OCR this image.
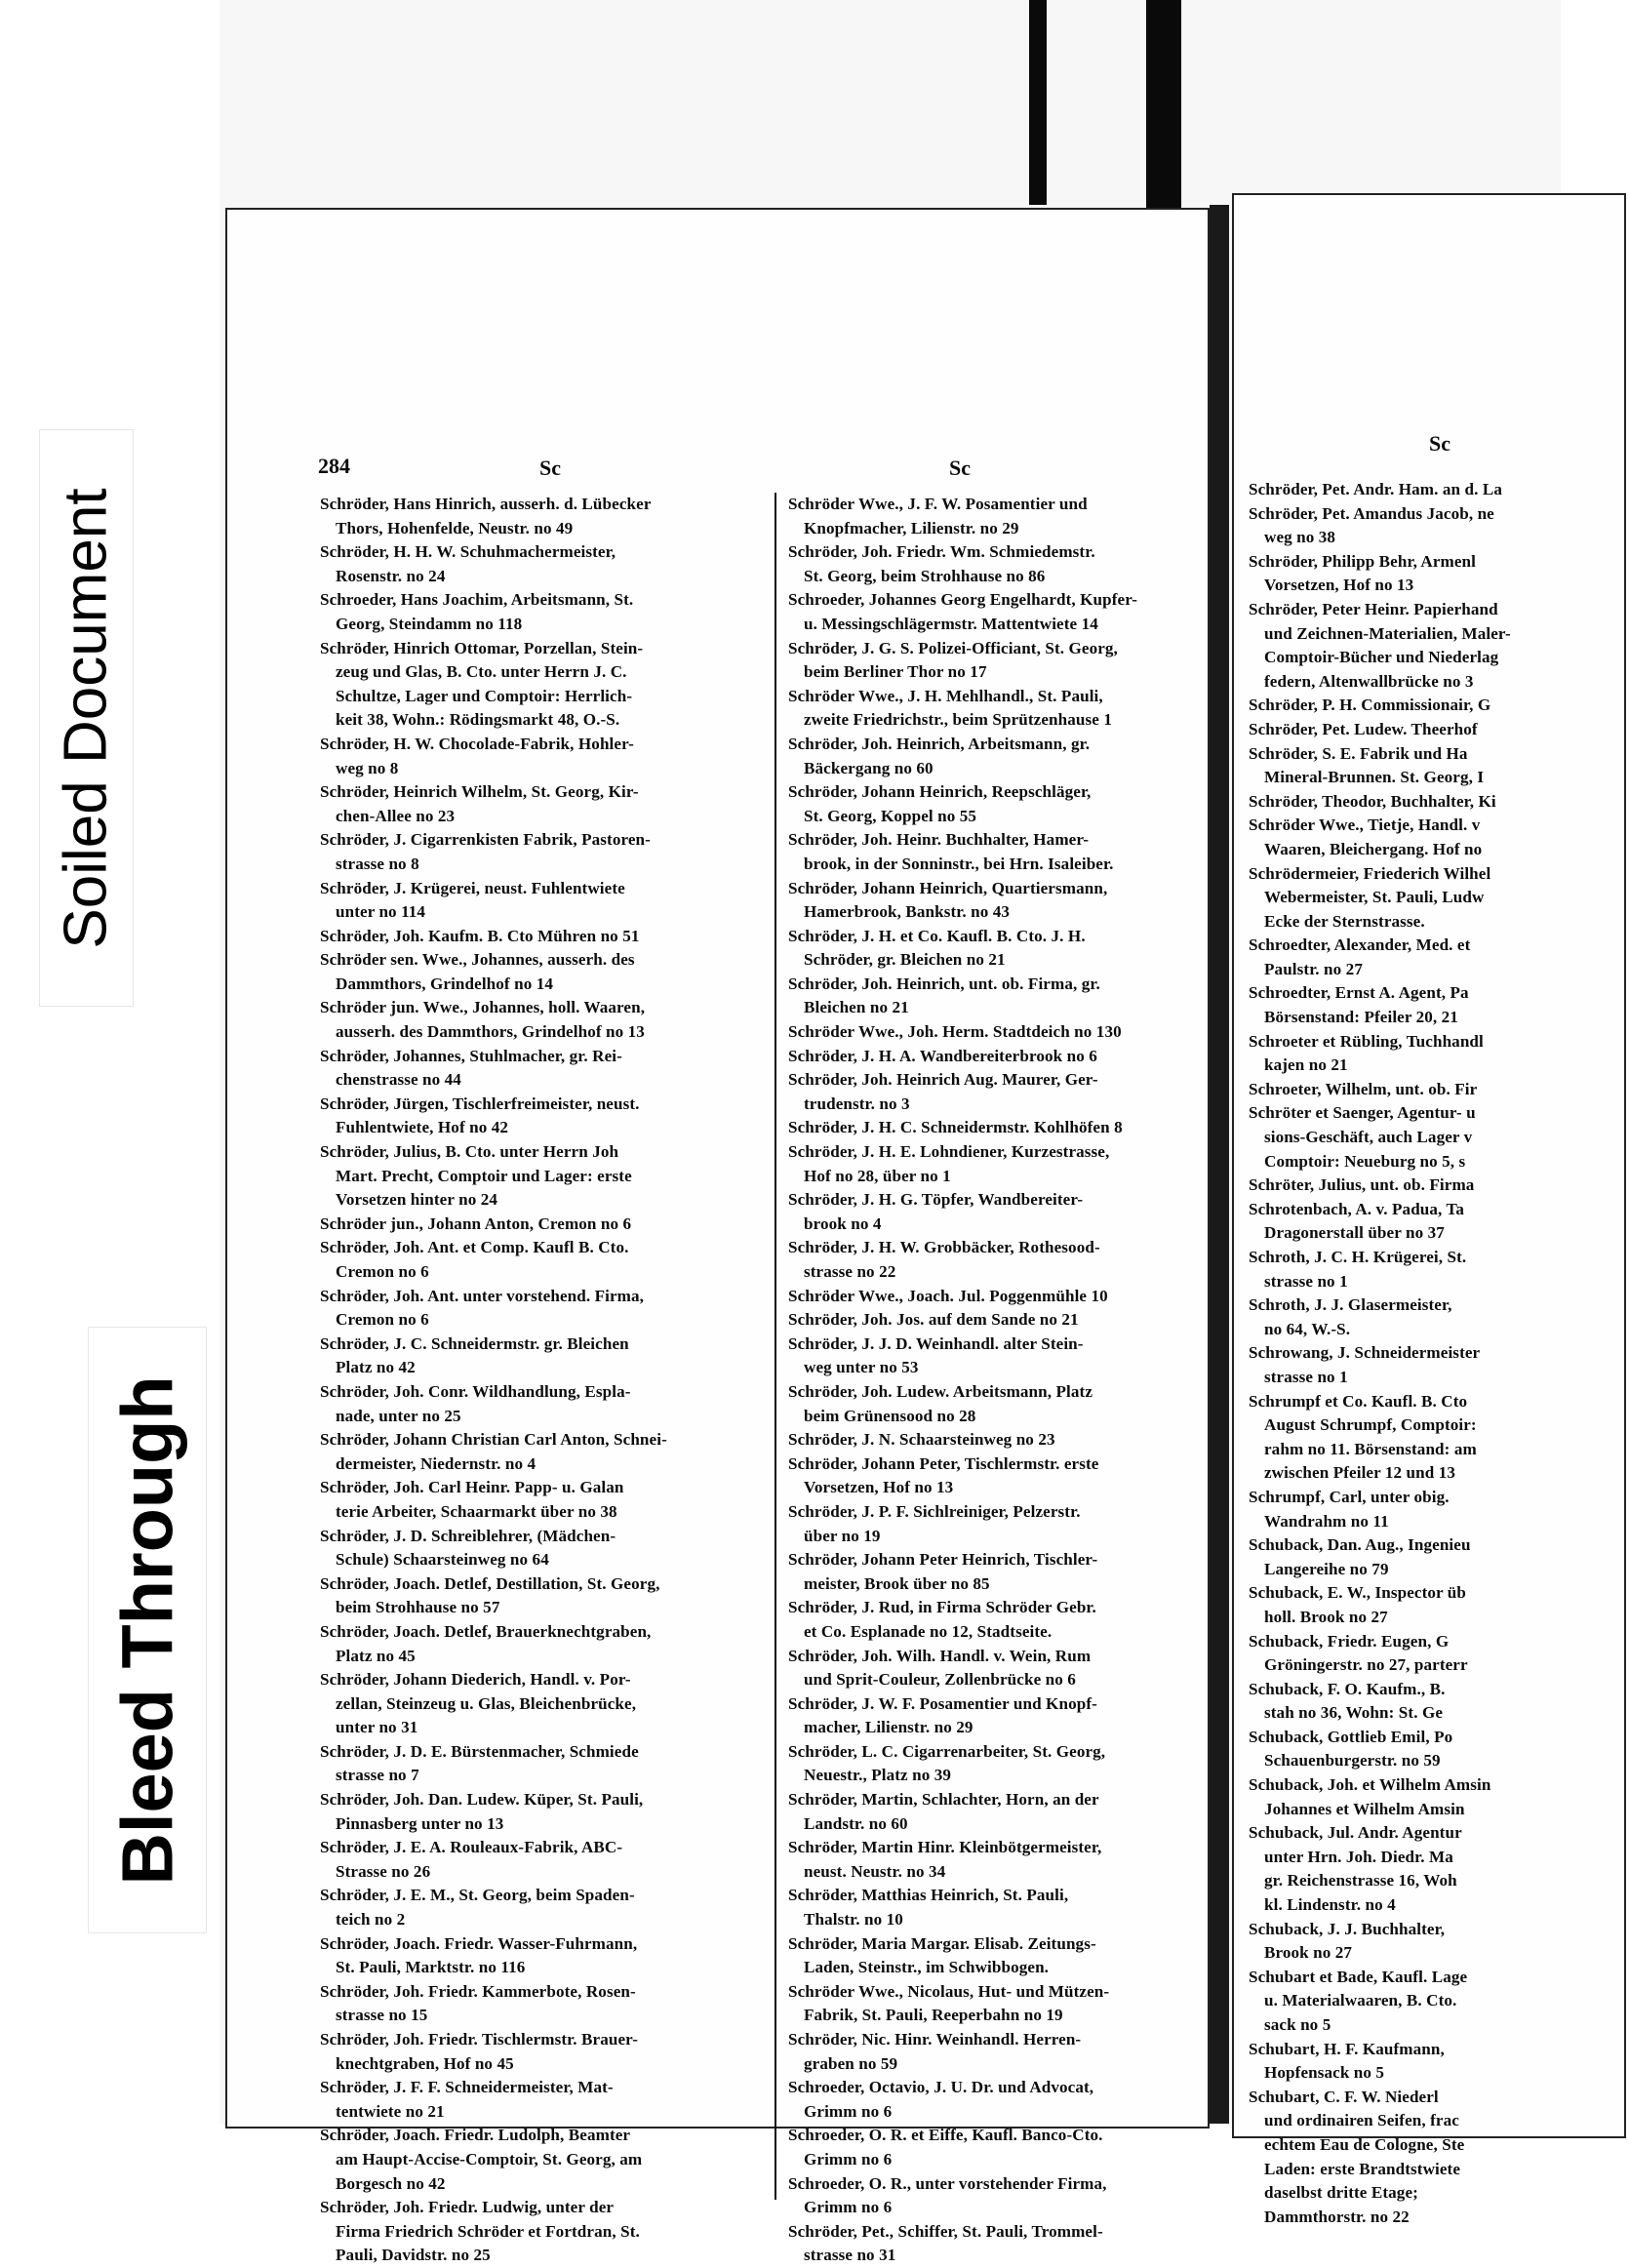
Soiled Document
Bleed Through
284	Sc	Sc
Schröder, Hans Hinrich, ausserh. d. Lübecker
Thors, Hohenfelde, Neustr. no 49
Schröder, H. H. W. Schuhmachermeister,
Rosenstr. no 24
Schroeder, Hans Joachim, Arbeitsmann, St.
Georg, Steindamm no 118
Schröder, Hinrich Ottomar, Porzellan, Stein-
zeug und Glas, B. Cto. unter Herrn J. C.
Schultze, Lager und Comptoir: Herrlich-
keit 38, Wohn.: Rödingsmarkt 48, O.-S.
Schröder, H. W. Chocolade-Fabrik, Hohler-
weg no 8
Schröder, Heinrich Wilhelm, St. Georg, Kir-
chen-Allee no 23
Schröder, J. Cigarrenkisten Fabrik, Pastoren-
strasse no 8
Schröder, J. Krügerei, neust. Fuhlentwiete
unter no 114
Schröder, Joh. Kaufm. B. Cto Mühren no 51
Schröder sen. Wwe., Johannes, ausserh. des
Dammthors, Grindelhof no 14
Schröder jun. Wwe., Johannes, holl. Waaren,
ausserh. des Dammthors, Grindelhof no 13
Schröder, Johannes, Stuhlmacher, gr. Rei-
chenstrasse no 44
Schröder, Jürgen, Tischlerfreimeister, neust.
Fuhlentwiete, Hof no 42
Schröder, Julius, B. Cto. unter Herrn Joh
Mart. Precht, Comptoir und Lager: erste
Vorsetzen hinter no 24
Schröder jun., Johann Anton, Cremon no 6
Schröder, Joh. Ant. et Comp. Kaufl B. Cto.
Cremon no 6
Schröder, Joh. Ant. unter vorstehend. Firma,
Cremon no 6
Schröder, J. C. Schneidermstr. gr. Bleichen
Platz no 42
Schröder, Joh. Conr. Wildhandlung, Espla-
nade, unter no 25
Schröder, Johann Christian Carl Anton, Schnei-
dermeister, Niedernstr. no 4
Schröder, Joh. Carl Heinr. Papp- u. Galan
terie Arbeiter, Schaarmarkt über no 38
Schröder, J. D. Schreiblehrer, (Mädchen-
Schule) Schaarsteinweg no 64
Schröder, Joach. Detlef, Destillation, St. Georg,
beim Strohhause no 57
Schröder, Joach. Detlef, Brauerknechtgraben,
Platz no 45
Schröder, Johann Diederich, Handl. v. Por-
zellan, Steinzeug u. Glas, Bleichenbrücke,
unter no 31
Schröder, J. D. E. Bürstenmacher, Schmiede
strasse no 7
Schröder, Joh. Dan. Ludew. Küper, St. Pauli,
Pinnasberg unter no 13
Schröder, J. E. A. Rouleaux-Fabrik, ABC-
Strasse no 26
Schröder, J. E. M., St. Georg, beim Spaden-
teich no 2
Schröder, Joach. Friedr. Wasser-Fuhrmann,
St. Pauli, Marktstr. no 116
Schröder, Joh. Friedr. Kammerbote, Rosen-
strasse no 15
Schröder, Joh. Friedr. Tischlermstr. Brauer-
knechtgraben, Hof no 45
Schröder, J. F. F. Schneidermeister, Mat-
tentwiete no 21
Schröder, Joach. Friedr. Ludolph, Beamter
am Haupt-Accise-Comptoir, St. Georg, am
Borgesch no 42
Schröder, Joh. Friedr. Ludwig, unter der
Firma Friedrich Schröder et Fortdran, St.
Pauli, Davidstr. no 25
Schröder Wwe., J. F. W. Posamentier und
Knopfmacher, Lilienstr. no 29
Schröder, Joh. Friedr. Wm. Schmiedemstr.
St. Georg, beim Strohhause no 86
Schroeder, Johannes Georg Engelhardt, Kupfer-
u. Messingschlägermstr. Mattentwiete 14
Schröder, J. G. S. Polizei-Officiant, St. Georg,
beim Berliner Thor no 17
Schröder Wwe., J. H. Mehlhandl., St. Pauli,
zweite Friedrichstr., beim Sprützenhause 1
Schröder, Joh. Heinrich, Arbeitsmann, gr.
Bäckergang no 60
Schröder, Johann Heinrich, Reepschläger,
St. Georg, Koppel no 55
Schröder, Joh. Heinr. Buchhalter, Hamer-
brook, in der Sonninstr., bei Hrn. Isaleiber.
Schröder, Johann Heinrich, Quartiersmann,
Hamerbrook, Bankstr. no 43
Schröder, J. H. et Co. Kaufl. B. Cto. J. H.
Schröder, gr. Bleichen no 21
Schröder, Joh. Heinrich, unt. ob. Firma, gr.
Bleichen no 21
Schröder Wwe., Joh. Herm. Stadtdeich no 130
Schröder, J. H. A. Wandbereiterbrook no 6
Schröder, Joh. Heinrich Aug. Maurer, Ger-
trudenstr. no 3
Schröder, J. H. C. Schneidermstr. Kohlhöfen 8
Schröder, J. H. E. Lohndiener, Kurzestrasse,
Hof no 28, über no 1
Schröder, J. H. G. Töpfer, Wandbereiter-
brook no 4
Schröder, J. H. W. Grobbäcker, Rothesood-
strasse no 22
Schröder Wwe., Joach. Jul. Poggenmühle 10
Schröder, Joh. Jos. auf dem Sande no 21
Schröder, J. J. D. Weinhandl. alter Stein-
weg unter no 53
Schröder, Joh. Ludew. Arbeitsmann, Platz
beim Grünensood no 28
Schröder, J. N. Schaarsteinweg no 23
Schröder, Johann Peter, Tischlermstr. erste
Vorsetzen, Hof no 13
Schröder, J. P. F. Sichlreiniger, Pelzerstr.
über no 19
Schröder, Johann Peter Heinrich, Tischler-
meister, Brook über no 85
Schröder, J. Rud, in Firma Schröder Gebr.
et Co. Esplanade no 12, Stadtseite.
Schröder, Joh. Wilh. Handl. v. Wein, Rum
und Sprit-Couleur, Zollenbrücke no 6
Schröder, J. W. F. Posamentier und Knopf-
macher, Lilienstr. no 29
Schröder, L. C. Cigarrenarbeiter, St. Georg,
Neuestr., Platz no 39
Schröder, Martin, Schlachter, Horn, an der
Landstr. no 60
Schröder, Martin Hinr. Kleinbötgermeister,
neust. Neustr. no 34
Schröder, Matthias Heinrich, St. Pauli,
Thalstr. no 10
Schröder, Maria Margar. Elisab. Zeitungs-
Laden, Steinstr., im Schwibbogen.
Schröder Wwe., Nicolaus, Hut- und Mützen-
Fabrik, St. Pauli, Reeperbahn no 19
Schröder, Nic. Hinr. Weinhandl. Herren-
graben no 59
Schroeder, Octavio, J. U. Dr. und Advocat,
Grimm no 6
Schroeder, O. R. et Eiffe, Kaufl. Banco-Cto.
Grimm no 6
Schroeder, O. R., unter vorstehender Firma,
Grimm no 6
Schröder, Pet., Schiffer, St. Pauli, Trommel-
strasse no 31
Sc
Schröder, Pet. Andr. Ham. an d. La
Schröder, Pet. Amandus Jacob, ne
weg no 38
Schröder, Philipp Behr, Armenl
Vorsetzen, Hof no 13
Schröder, Peter Heinr. Papierhand
und Zeichnen-Materialien, Maler-
Comptoir-Bücher und Niederlag
federn, Altenwallbrücke no 3
Schröder, P. H. Commissionair, G
Schröder, Pet. Ludew. Theerhof
Schröder, S. E. Fabrik und Ha
Mineral-Brunnen. St. Georg, I
Schröder, Theodor, Buchhalter, Ki
Schröder Wwe., Tietje, Handl. v
Waaren, Bleichergang. Hof no
Schrödermeier, Friederich Wilhel
Webermeister, St. Pauli, Ludw
Ecke der Sternstrasse.
Schroedter, Alexander, Med. et
Paulstr. no 27
Schroedter, Ernst A. Agent, Pa
Börsenstand: Pfeiler 20, 21
Schroeter et Rübling, Tuchhandl
kajen no 21
Schroeter, Wilhelm, unt. ob. Fir
Schröter et Saenger, Agentur- u
sions-Geschäft, auch Lager v
Comptoir: Neueburg no 5, s
Schröter, Julius, unt. ob. Firma
Schrotenbach, A. v. Padua, Ta
Dragonerstall über no 37
Schroth, J. C. H. Krügerei, St.
strasse no 1
Schroth, J. J. Glasermeister,
no 64, W.-S.
Schrowang, J. Schneidermeister
strasse no 1
Schrumpf et Co. Kaufl. B. Cto
August Schrumpf, Comptoir:
rahm no 11. Börsenstand: am
zwischen Pfeiler 12 und 13
Schrumpf, Carl, unter obig.
Wandrahm no 11
Schuback, Dan. Aug., Ingenieu
Langereihe no 79
Schuback, E. W., Inspector üb
holl. Brook no 27
Schuback, Friedr. Eugen, G
Gröningerstr. no 27, parterr
Schuback, F. O. Kaufm., B.
stah no 36, Wohn: St. Ge
Schuback, Gottlieb Emil, Po
Schauenburgerstr. no 59
Schuback, Joh. et Wilhelm Amsin
Johannes et Wilhelm Amsin
Schuback, Jul. Andr. Agentur
unter Hrn. Joh. Diedr. Ma
gr. Reichenstrasse 16, Woh
kl. Lindenstr. no 4
Schuback, J. J. Buchhalter,
Brook no 27
Schubart et Bade, Kaufl. Lage
u. Materialwaaren, B. Cto.
sack no 5
Schubart, H. F. Kaufmann,
Hopfensack no 5
Schubart, C. F. W. Niederl
und ordinairen Seifen, frac
echtem Eau de Cologne, Ste
Laden: erste Brandtstwiete
daselbst dritte Etage;
Dammthorstr. no 22
